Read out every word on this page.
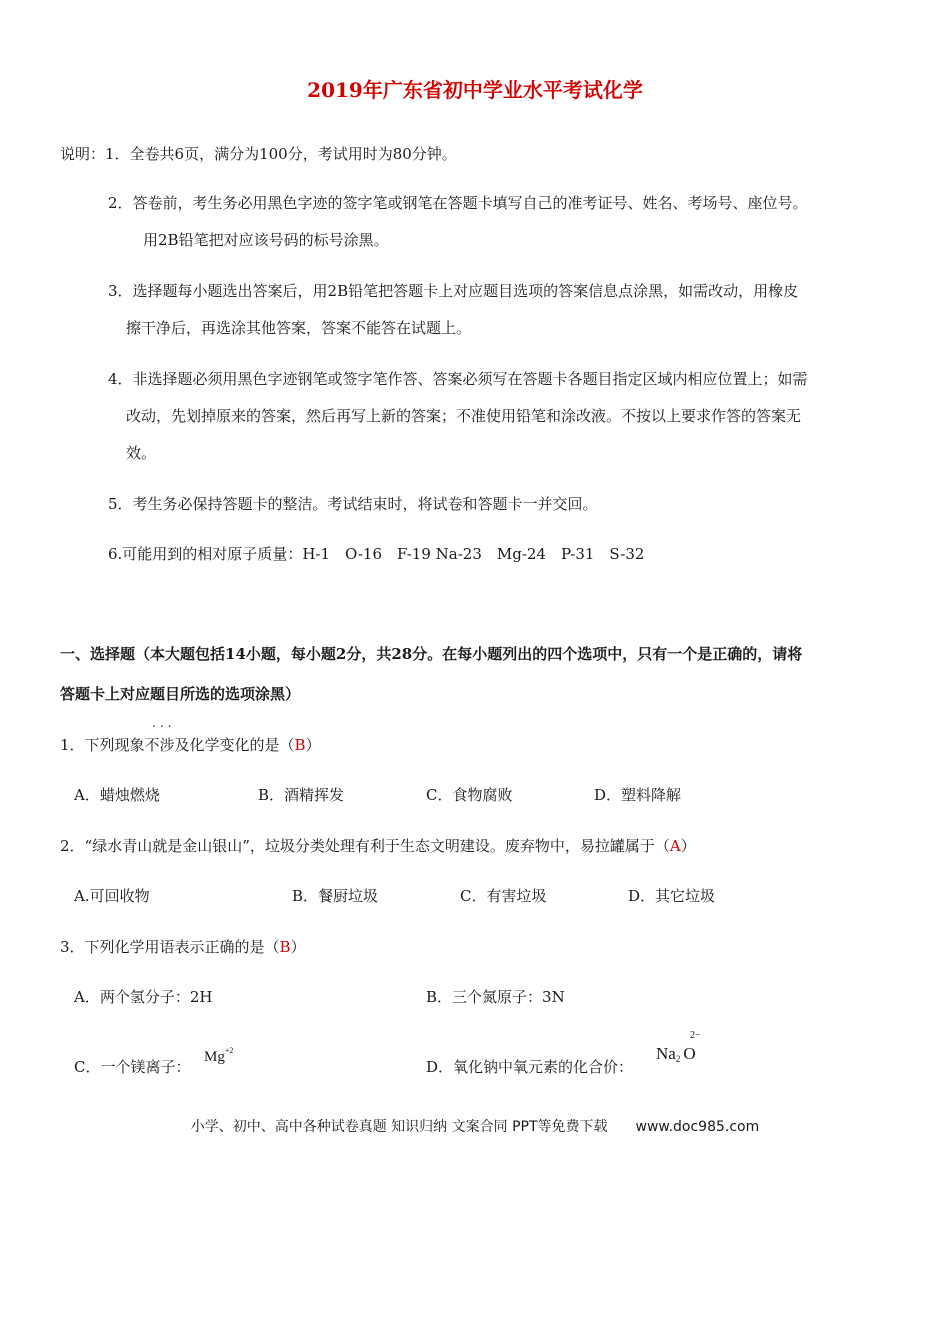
2019年广东省初中学业水平考试化学
说明：1．全卷共6页，满分为100分，考试用时为80分钟。
2．答卷前，考生务必用黑色字迹的签字笔或钢笔在答题卡填写自己的准考证号、姓名、考场号、座位号。
用2B铅笔把对应该号码的标号涂黑。
3．选择题每小题选出答案后，用2B铅笔把答题卡上对应题目选项的答案信息点涂黑，如需改动，用橡皮
擦干净后，再选涂其他答案，答案不能答在试题上。
4．非选择题必须用黑色字迹钢笔或签字笔作答、答案必须写在答题卡各题目指定区域内相应位置上；如需
改动，先划掉原来的答案，然后再写上新的答案；不准使用铅笔和涂改液。不按以上要求作答的答案无
效。
5．考生务必保持答题卡的整洁。考试结束时，将试卷和答题卡一并交回。
6.可能用到的相对原子质量：H-1　O-16　F-19 Na-23　Mg-24　P-31　S-32
一、选择题（本大题包括14小题，每小题2分，共28分。在每小题列出的四个选项中，只有一个是正确的，请将
答题卡上对应题目所选的选项涂黑）
...
1．下列现象不涉及化学变化的是（B）
A．蜡烛燃烧	B．酒精挥发	C．食物腐败	D．塑料降解
2．“绿水青山就是金山银山”，垃圾分类处理有利于生态文明建设。废弃物中，易拉罐属于（A）
A.可回收物	B．餐厨垃圾	C．有害垃圾	D．其它垃圾
3．下列化学用语表示正确的是（B）
A．两个氢分子：2H	B．三个氮原子：3N
C．一个镁离子：
$Mg^{+2}$
D．氧化钠中氧元素的化合价：
$Na_2$ O
2−
小学、初中、高中各种试卷真题 知识归纳 文案合同 PPT等免费下载　　www.doc985.com
